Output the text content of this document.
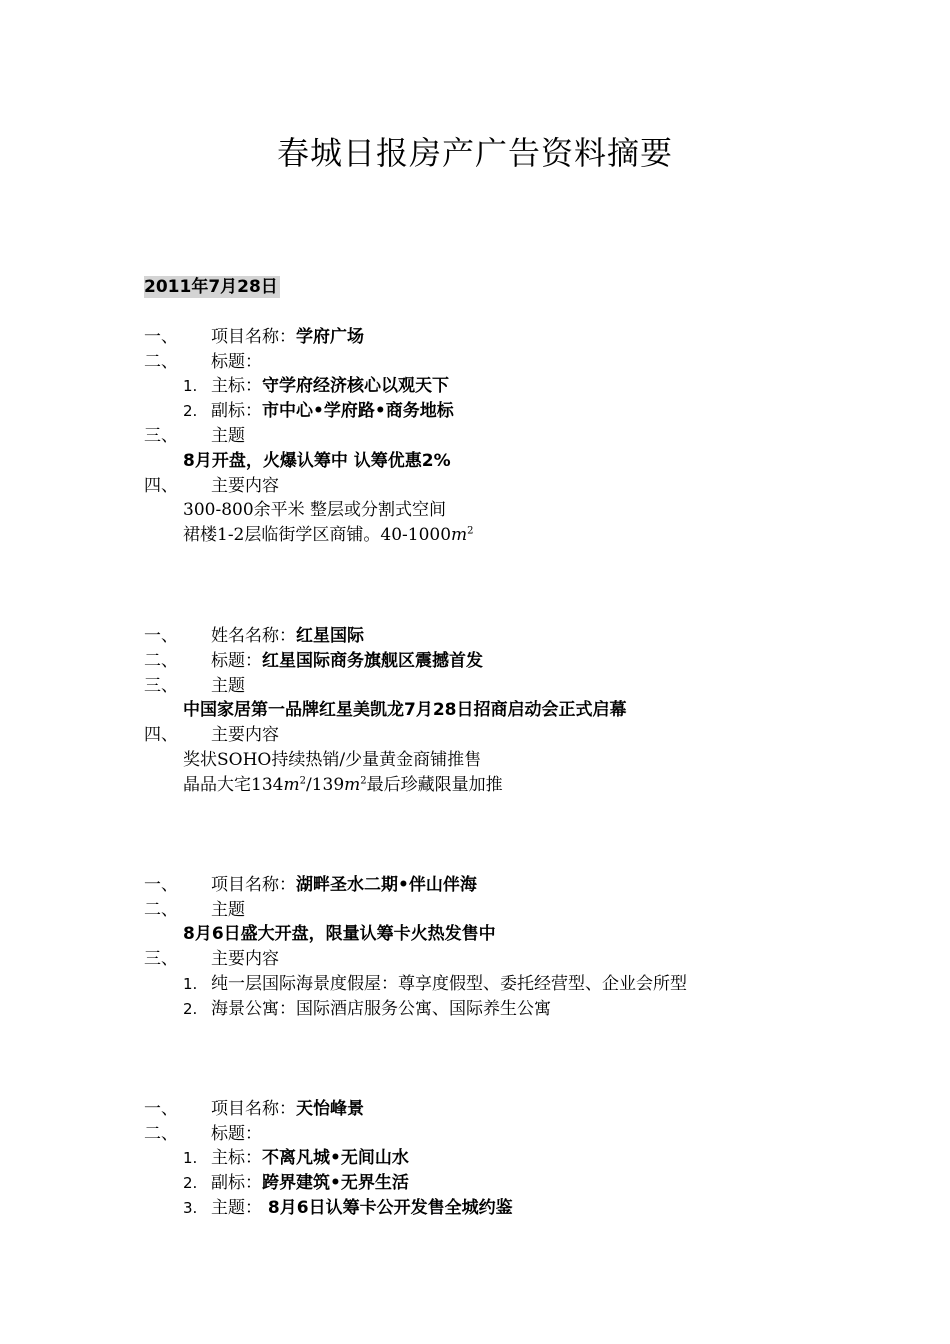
春城日报房产广告资料摘要
2011年7月28日
一、 项目名称：学府广场
二、 标题：
1. 主标：守学府经济核心以观天下
2. 副标：市中心•学府路•商务地标
三、 主题
8月开盘，火爆认筹中 认筹优惠2%
四、 主要内容
300-800余平米 整层或分割式空间
裙楼1-2层临街学区商铺。$40-1000m^2$
一、 姓名名称：红星国际
二、 标题：红星国际商务旗舰区震撼首发
三、 主题
中国家居第一品牌红星美凯龙7月28日招商启动会正式启幕
四、 主要内容
奖状SOHO持续热销/少量黄金商铺推售
晶品大宅$134m^2/139m^2$最后珍藏限量加推
一、 项目名称：湖畔圣水二期•伴山伴海
二、 主题
8月6日盛大开盘，限量认筹卡火热发售中
三、 主要内容
1. 纯一层国际海景度假屋：尊享度假型、委托经营型、企业会所型
2. 海景公寓：国际酒店服务公寓、国际养生公寓
一、 项目名称：天怡峰景
二、 标题：
1. 主标：不离凡城•无间山水
2. 副标：跨界建筑•无界生活
3. 主题： 8月6日认筹卡公开发售全城约鉴
